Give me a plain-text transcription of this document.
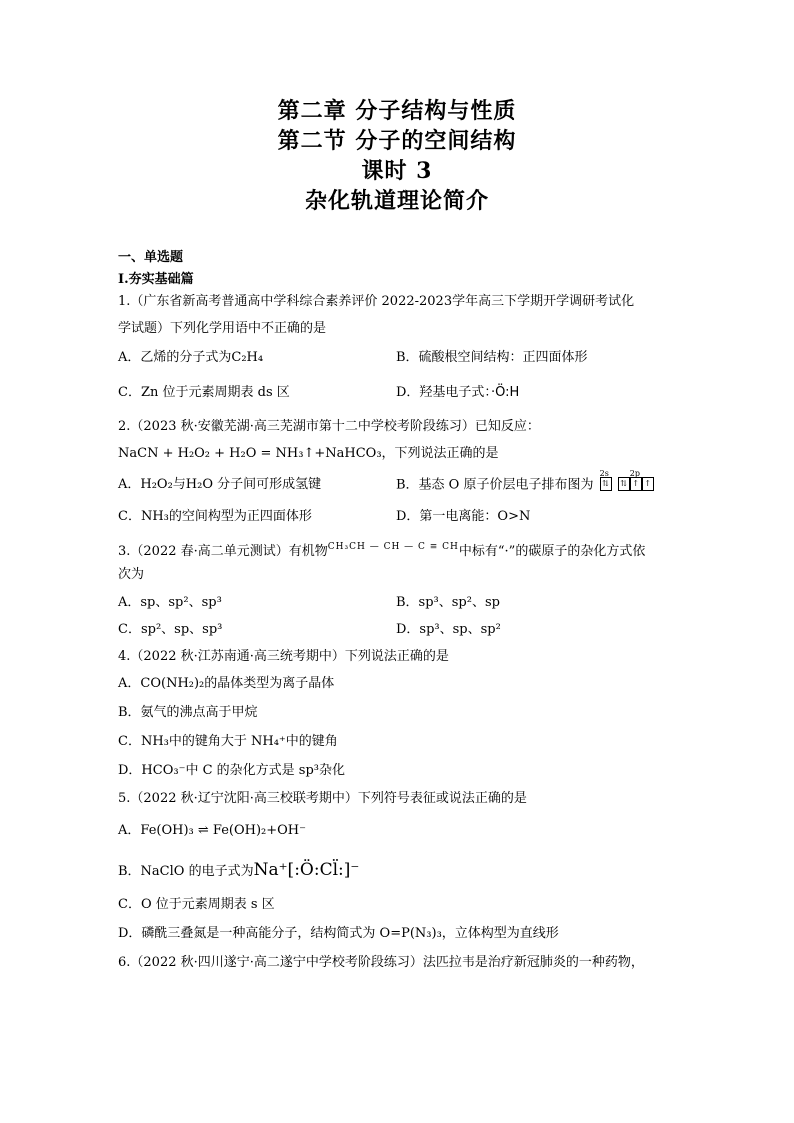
第二章 分子结构与性质
第二节 分子的空间结构
课时 3
杂化轨道理论简介
一、单选题
Ⅰ.夯实基础篇
1.（广东省新高考普通高中学科综合素养评价 2022-2023学年高三下学期开学调研考试化
学试题）下列化学用语中不正确的是
A．乙烯的分子式为C₂H₄	B．硫酸根空间结构：正四面体形
C．Zn 位于元素周期表 ds 区	D．羟基电子式：·Ö:H
2.（2023 秋·安徽芜湖·高三芜湖市第十二中学校考阶段练习）已知反应：
NaCN + H₂O₂ + H₂O = NH₃↑+NaHCO₃，下列说法正确的是
A．H₂O₂与H₂O 分子间可形成氢键	B．基态 O 原子价层电子排布图为
2s
⇅
2p
⇅ ↑ ↑
C．NH₃的空间构型为正四面体形	D．第一电离能：O>N
3.（2022 春·高二单元测试）有机物$^{CH_3CH — CH — C \equiv CH}$中标有“·”的碳原子的杂化方式依
次为
A．sp、sp²、sp³	B．sp³、sp²、sp
C．sp²、sp、sp³	D．sp³、sp、sp²
4.（2022 秋·江苏南通·高三统考期中）下列说法正确的是
A．CO(NH₂)₂的晶体类型为离子晶体
B．氨气的沸点高于甲烷
C．NH₃中的键角大于 NH₄⁺中的键角
D．HCO₃⁻中 C 的杂化方式是 sp³杂化
5.（2022 秋·辽宁沈阳·高三校联考期中）下列符号表征或说法正确的是
A．Fe(OH)₃ ⇌ Fe(OH)₂+OH⁻
B．NaClO 的电子式为Na⁺[:Ö:Cl̈:]⁻
C．O 位于元素周期表 s 区
D．磷酰三叠氮是一种高能分子，结构简式为 O=P(N₃)₃，立体构型为直线形
6.（2022 秋·四川遂宁·高二遂宁中学校考阶段练习）法匹拉韦是治疗新冠肺炎的一种药物，
